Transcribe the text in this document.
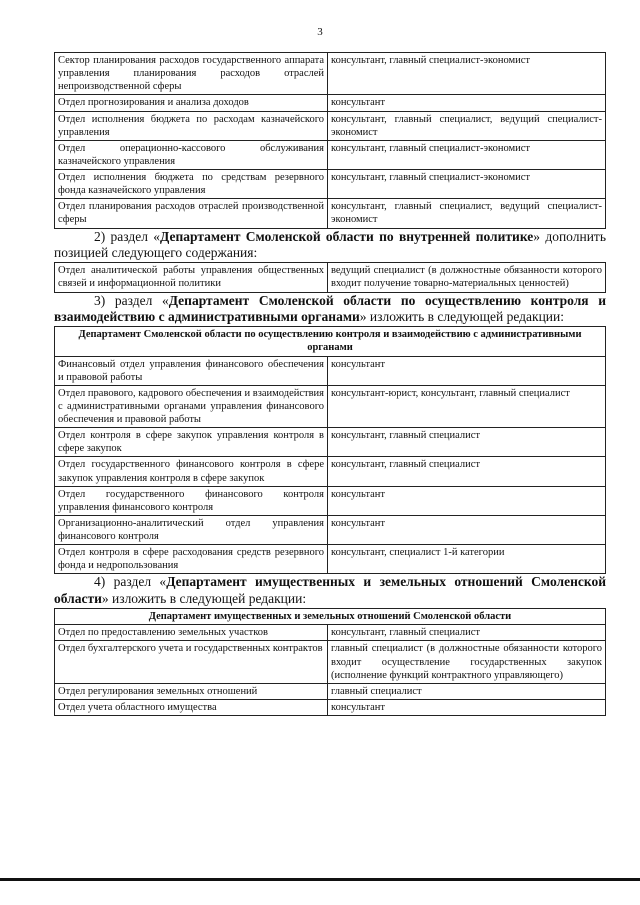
3
Сектор планирования расходов государственного аппарата управления планирования расходов отраслей непроизводственной сферы	консультант, главный специалист-экономист
Отдел прогнозирования и анализа доходов	консультант
Отдел исполнения бюджета по расходам казначейского управления	консультант, главный специалист, ведущий специалист-экономист
Отдел операционно-кассового обслуживания казначейского управления	консультант, главный специалист-экономист
Отдел исполнения бюджета по средствам резервного фонда казначейского управления	консультант, главный специалист-экономист
Отдел планирования расходов отраслей производственной сферы	консультант, главный специалист, ведущий специалист-экономист

2) раздел «Департамент Смоленской области по внутренней политике» дополнить позицией следующего содержания:

Отдел аналитической работы управления общественных связей и информационной политики	ведущий специалист (в должностные обязанности которого входит получение товарно-материальных ценностей)

3) раздел «Департамент Смоленской области по осуществлению контроля и взаимодействию с административными органами» изложить в следующей редакции:

Департамент Смоленской области по осуществлению контроля и взаимодействию с административными органами	
Финансовый отдел управления финансового обеспечения и правовой работы	консультант
Отдел правового, кадрового обеспечения и взаимодействия с административными органами управления финансового обеспечения и правовой работы	консультант-юрист, консультант, главный специалист
Отдел контроля в сфере закупок управления контроля в сфере закупок	консультант, главный специалист
Отдел государственного финансового контроля в сфере закупок управления контроля в сфере закупок	консультант, главный специалист
Отдел государственного финансового контроля управления финансового контроля	консультант
Организационно-аналитический отдел управления финансового контроля	консультант
Отдел контроля в сфере расходования средств резервного фонда и недропользования	консультант, специалист 1-й категории

4) раздел «Департамент имущественных и земельных отношений Смоленской области» изложить в следующей редакции:

Департамент имущественных и земельных отношений Смоленской области	
Отдел по предоставлению земельных участков	консультант, главный специалист
Отдел бухгалтерского учета и государственных контрактов	главный специалист (в должностные обязанности которого входит осуществление государственных закупок (исполнение функций контрактного управляющего)
Отдел регулирования земельных отношений	главный специалист
Отдел учета областного имущества	консультант
